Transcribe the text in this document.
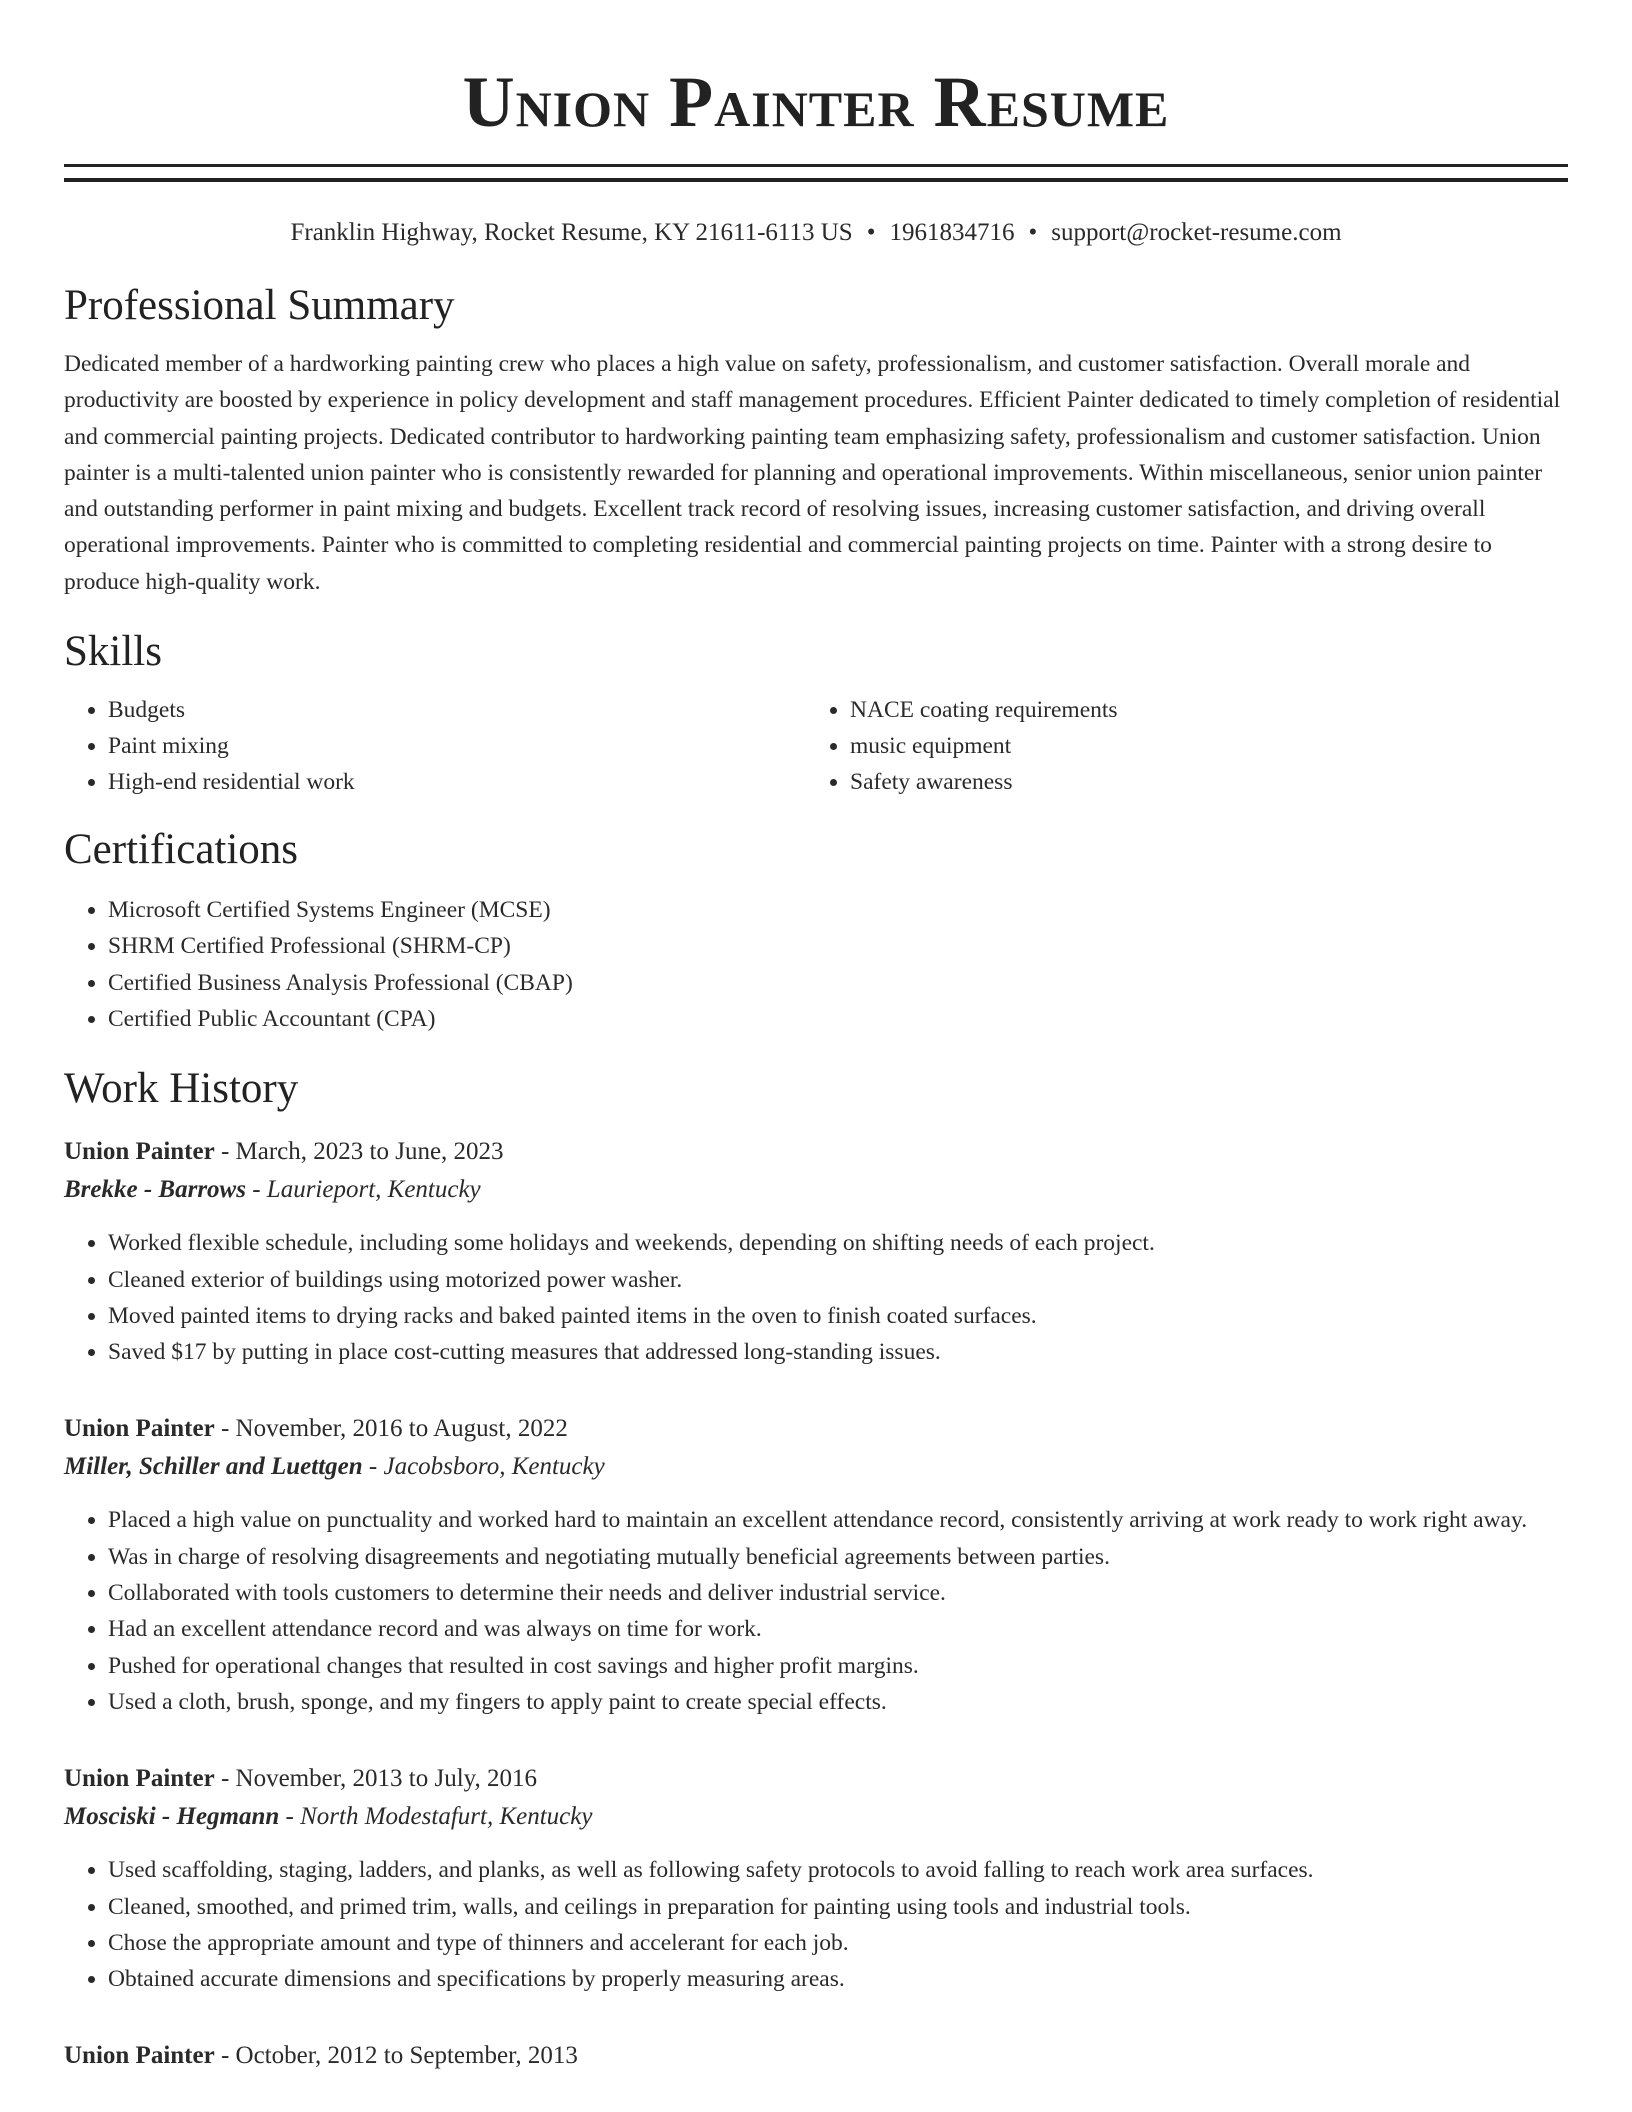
Union Painter Resume
Franklin Highway, Rocket Resume, KY 21611-6113 US • 1961834716 • support@rocket-resume.com
Professional Summary

Dedicated member of a hardworking painting crew who places a high value on safety, professionalism, and customer satisfaction. Overall morale and productivity are boosted by experience in policy development and staff management procedures. Efficient Painter dedicated to timely completion of residential and commercial painting projects. Dedicated contributor to hardworking painting team emphasizing safety, professionalism and customer satisfaction. Union painter is a multi-talented union painter who is consistently rewarded for planning and operational improvements. Within miscellaneous, senior union painter and outstanding performer in paint mixing and budgets. Excellent track record of resolving issues, increasing customer satisfaction, and driving overall operational improvements. Painter who is committed to completing residential and commercial painting projects on time. Painter with a strong desire to produce high-quality work.

Skills
• Budgets
• Paint mixing
• High-end residential work
• NACE coating requirements
• music equipment
• Safety awareness
Certifications
• Microsoft Certified Systems Engineer (MCSE)
• SHRM Certified Professional (SHRM-CP)
• Certified Business Analysis Professional (CBAP)
• Certified Public Accountant (CPA)
Work History
Union Painter - March, 2023 to June, 2023
Brekke - Barrows - Laurieport, Kentucky
• Worked flexible schedule, including some holidays and weekends, depending on shifting needs of each project.
• Cleaned exterior of buildings using motorized power washer.
• Moved painted items to drying racks and baked painted items in the oven to finish coated surfaces.
• Saved $17 by putting in place cost-cutting measures that addressed long-standing issues.
Union Painter - November, 2016 to August, 2022
Miller, Schiller and Luettgen - Jacobsboro, Kentucky
• Placed a high value on punctuality and worked hard to maintain an excellent attendance record, consistently arriving at work ready to work right away.
• Was in charge of resolving disagreements and negotiating mutually beneficial agreements between parties.
• Collaborated with tools customers to determine their needs and deliver industrial service.
• Had an excellent attendance record and was always on time for work.
• Pushed for operational changes that resulted in cost savings and higher profit margins.
• Used a cloth, brush, sponge, and my fingers to apply paint to create special effects.
Union Painter - November, 2013 to July, 2016
Mosciski - Hegmann - North Modestafurt, Kentucky
• Used scaffolding, staging, ladders, and planks, as well as following safety protocols to avoid falling to reach work area surfaces.
• Cleaned, smoothed, and primed trim, walls, and ceilings in preparation for painting using tools and industrial tools.
• Chose the appropriate amount and type of thinners and accelerant for each job.
• Obtained accurate dimensions and specifications by properly measuring areas.
Union Painter - October, 2012 to September, 2013
